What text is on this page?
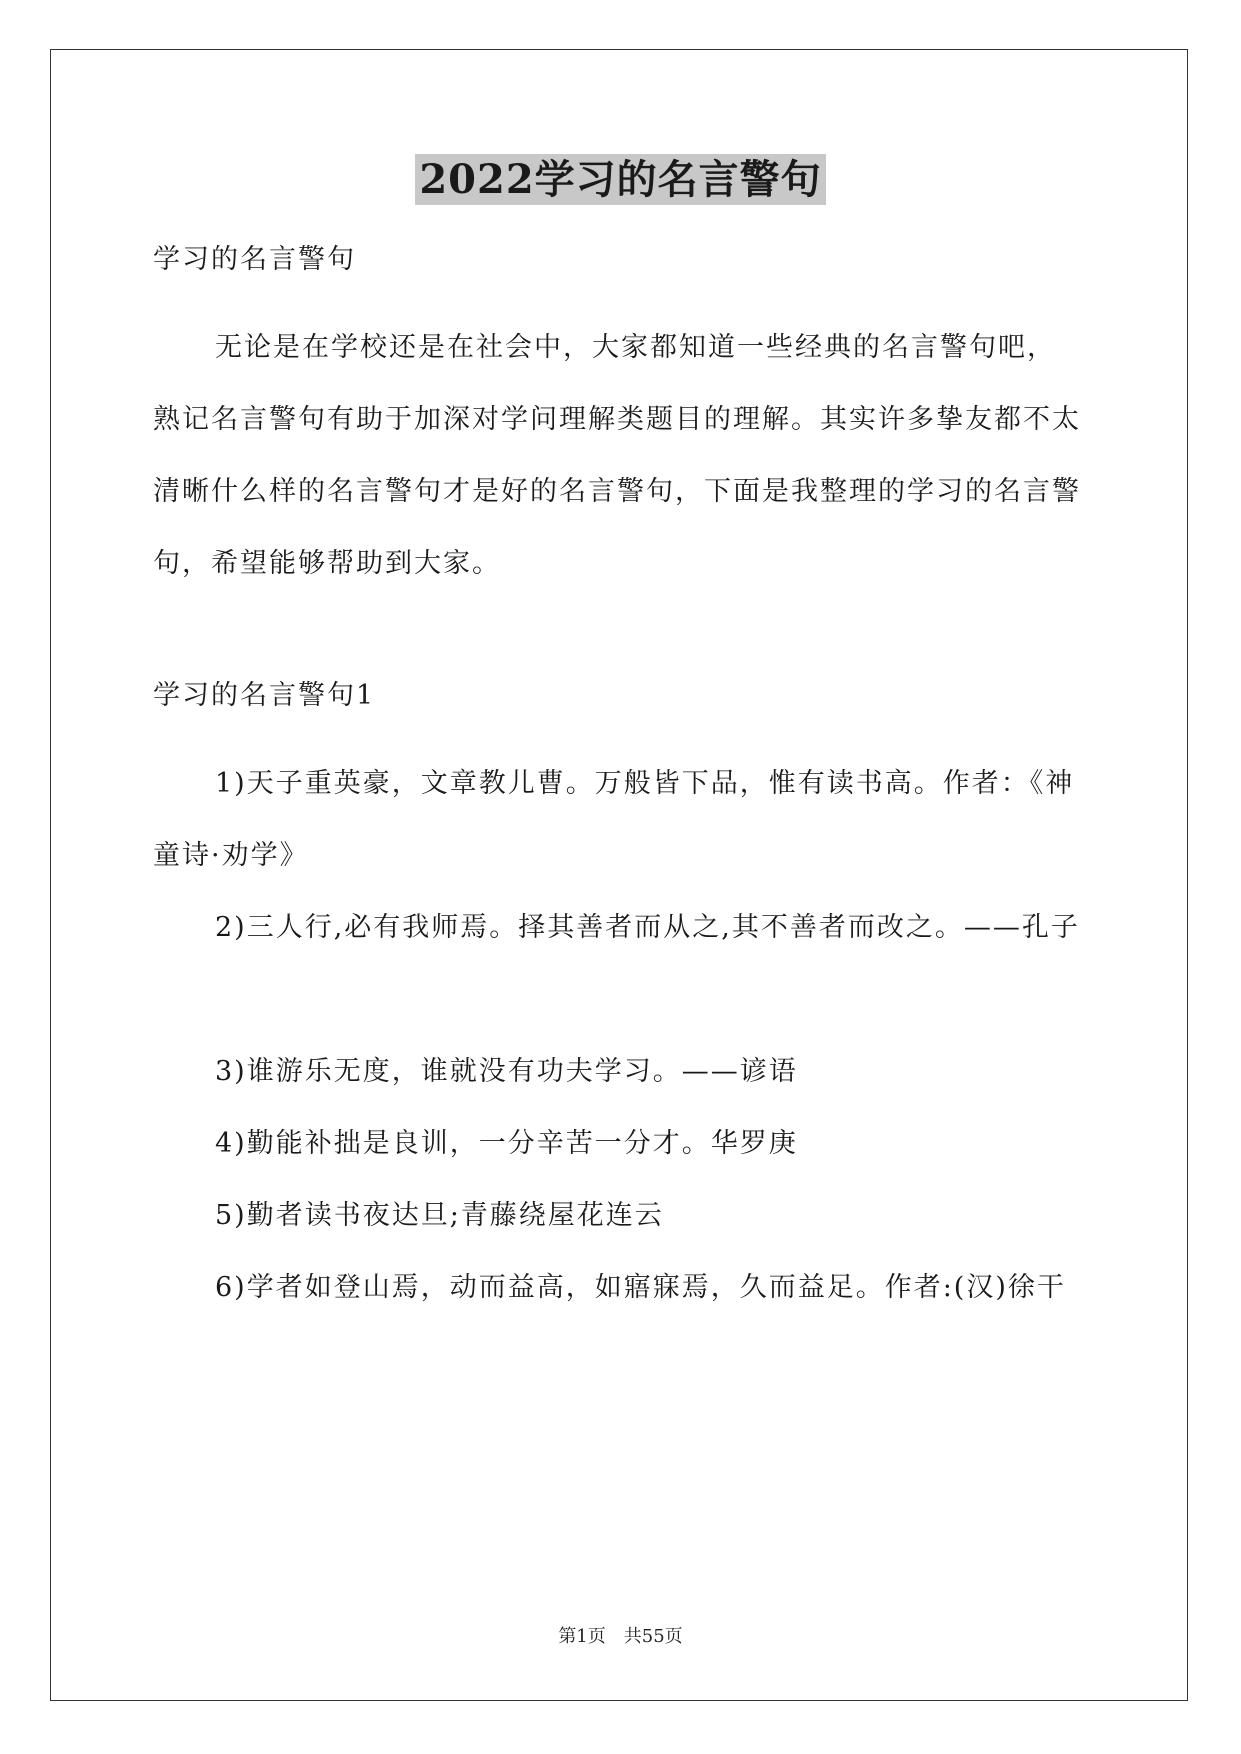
2022学习的名言警句

学习的名言警句

无论是在学校还是在社会中，大家都知道一些经典的名言警句吧，熟记名言警句有助于加深对学问理解类题目的理解。其实许多挚友都不太清晰什么样的名言警句才是好的名言警句，下面是我整理的学习的名言警句，希望能够帮助到大家。

学习的名言警句1

1)天子重英豪，文章教儿曹。万般皆下品，惟有读书高。作者：《神童诗·劝学》

2)三人行,必有我师焉。择其善者而从之,其不善者而改之。——孔子

3)谁游乐无度，谁就没有功夫学习。——谚语

4)勤能补拙是良训，一分辛苦一分才。华罗庚

5)勤者读书夜达旦;青藤绕屋花连云

6)学者如登山焉，动而益高，如寤寐焉，久而益足。作者:(汉)徐干

第1页　共55页
